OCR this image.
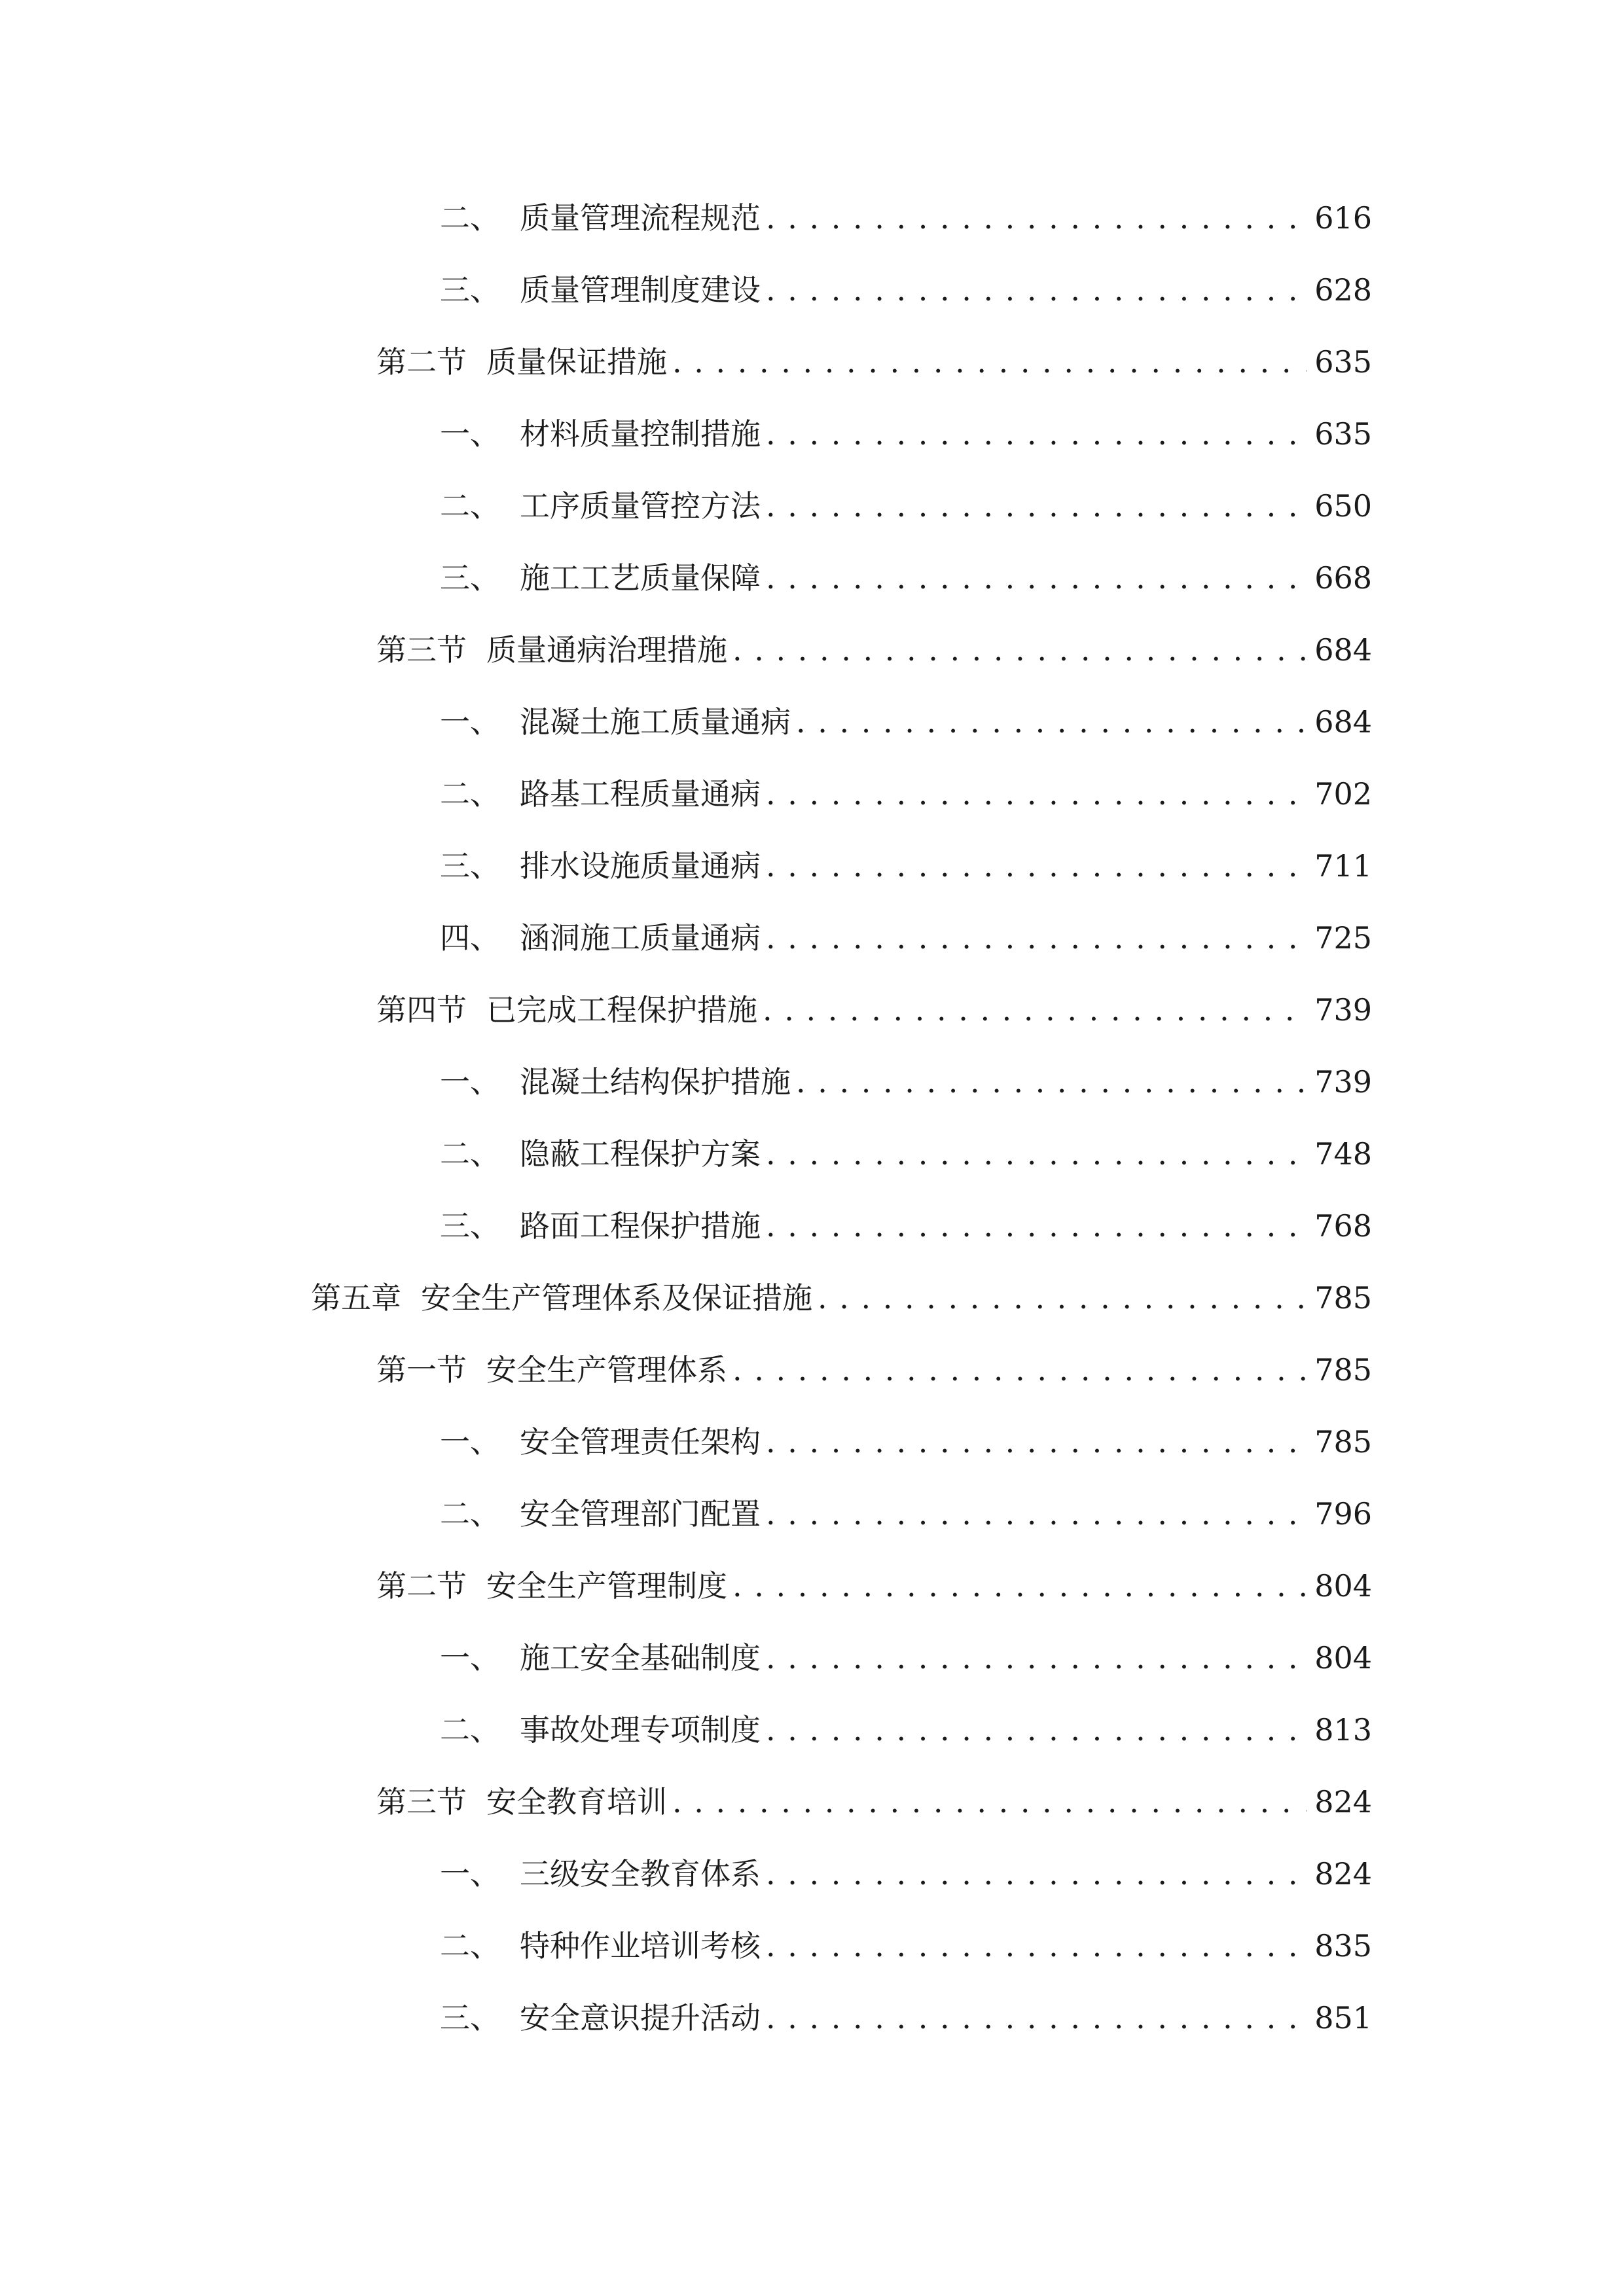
二、 质量管理流程规范 . . .	616
三、 质量管理制度建设 . . .	628
第二节 质量保证措施 . . .	635
一、 材料质量控制措施 . . .	635
二、 工序质量管控方法 . . .	650
三、 施工工艺质量保障 . . .	668
第三节 质量通病治理措施 . . .	684
一、 混凝土施工质量通病 . . .	684
二、 路基工程质量通病 . . .	702
三、 排水设施质量通病 . . .	711
四、 涵洞施工质量通病 . . .	725
第四节 已完成工程保护措施 . . .	739
一、 混凝土结构保护措施 . . .	739
二、 隐蔽工程保护方案 . . .	748
三、 路面工程保护措施 . . .	768
第五章 安全生产管理体系及保证措施 . . .	785
第一节 安全生产管理体系 . . .	785
一、 安全管理责任架构 . . .	785
二、 安全管理部门配置 . . .	796
第二节 安全生产管理制度 . . .	804
一、 施工安全基础制度 . . .	804
二、 事故处理专项制度 . . .	813
第三节 安全教育培训 . . .	824
一、 三级安全教育体系 . . .	824
二、 特种作业培训考核 . . .	835
三、 安全意识提升活动 . . .	851
